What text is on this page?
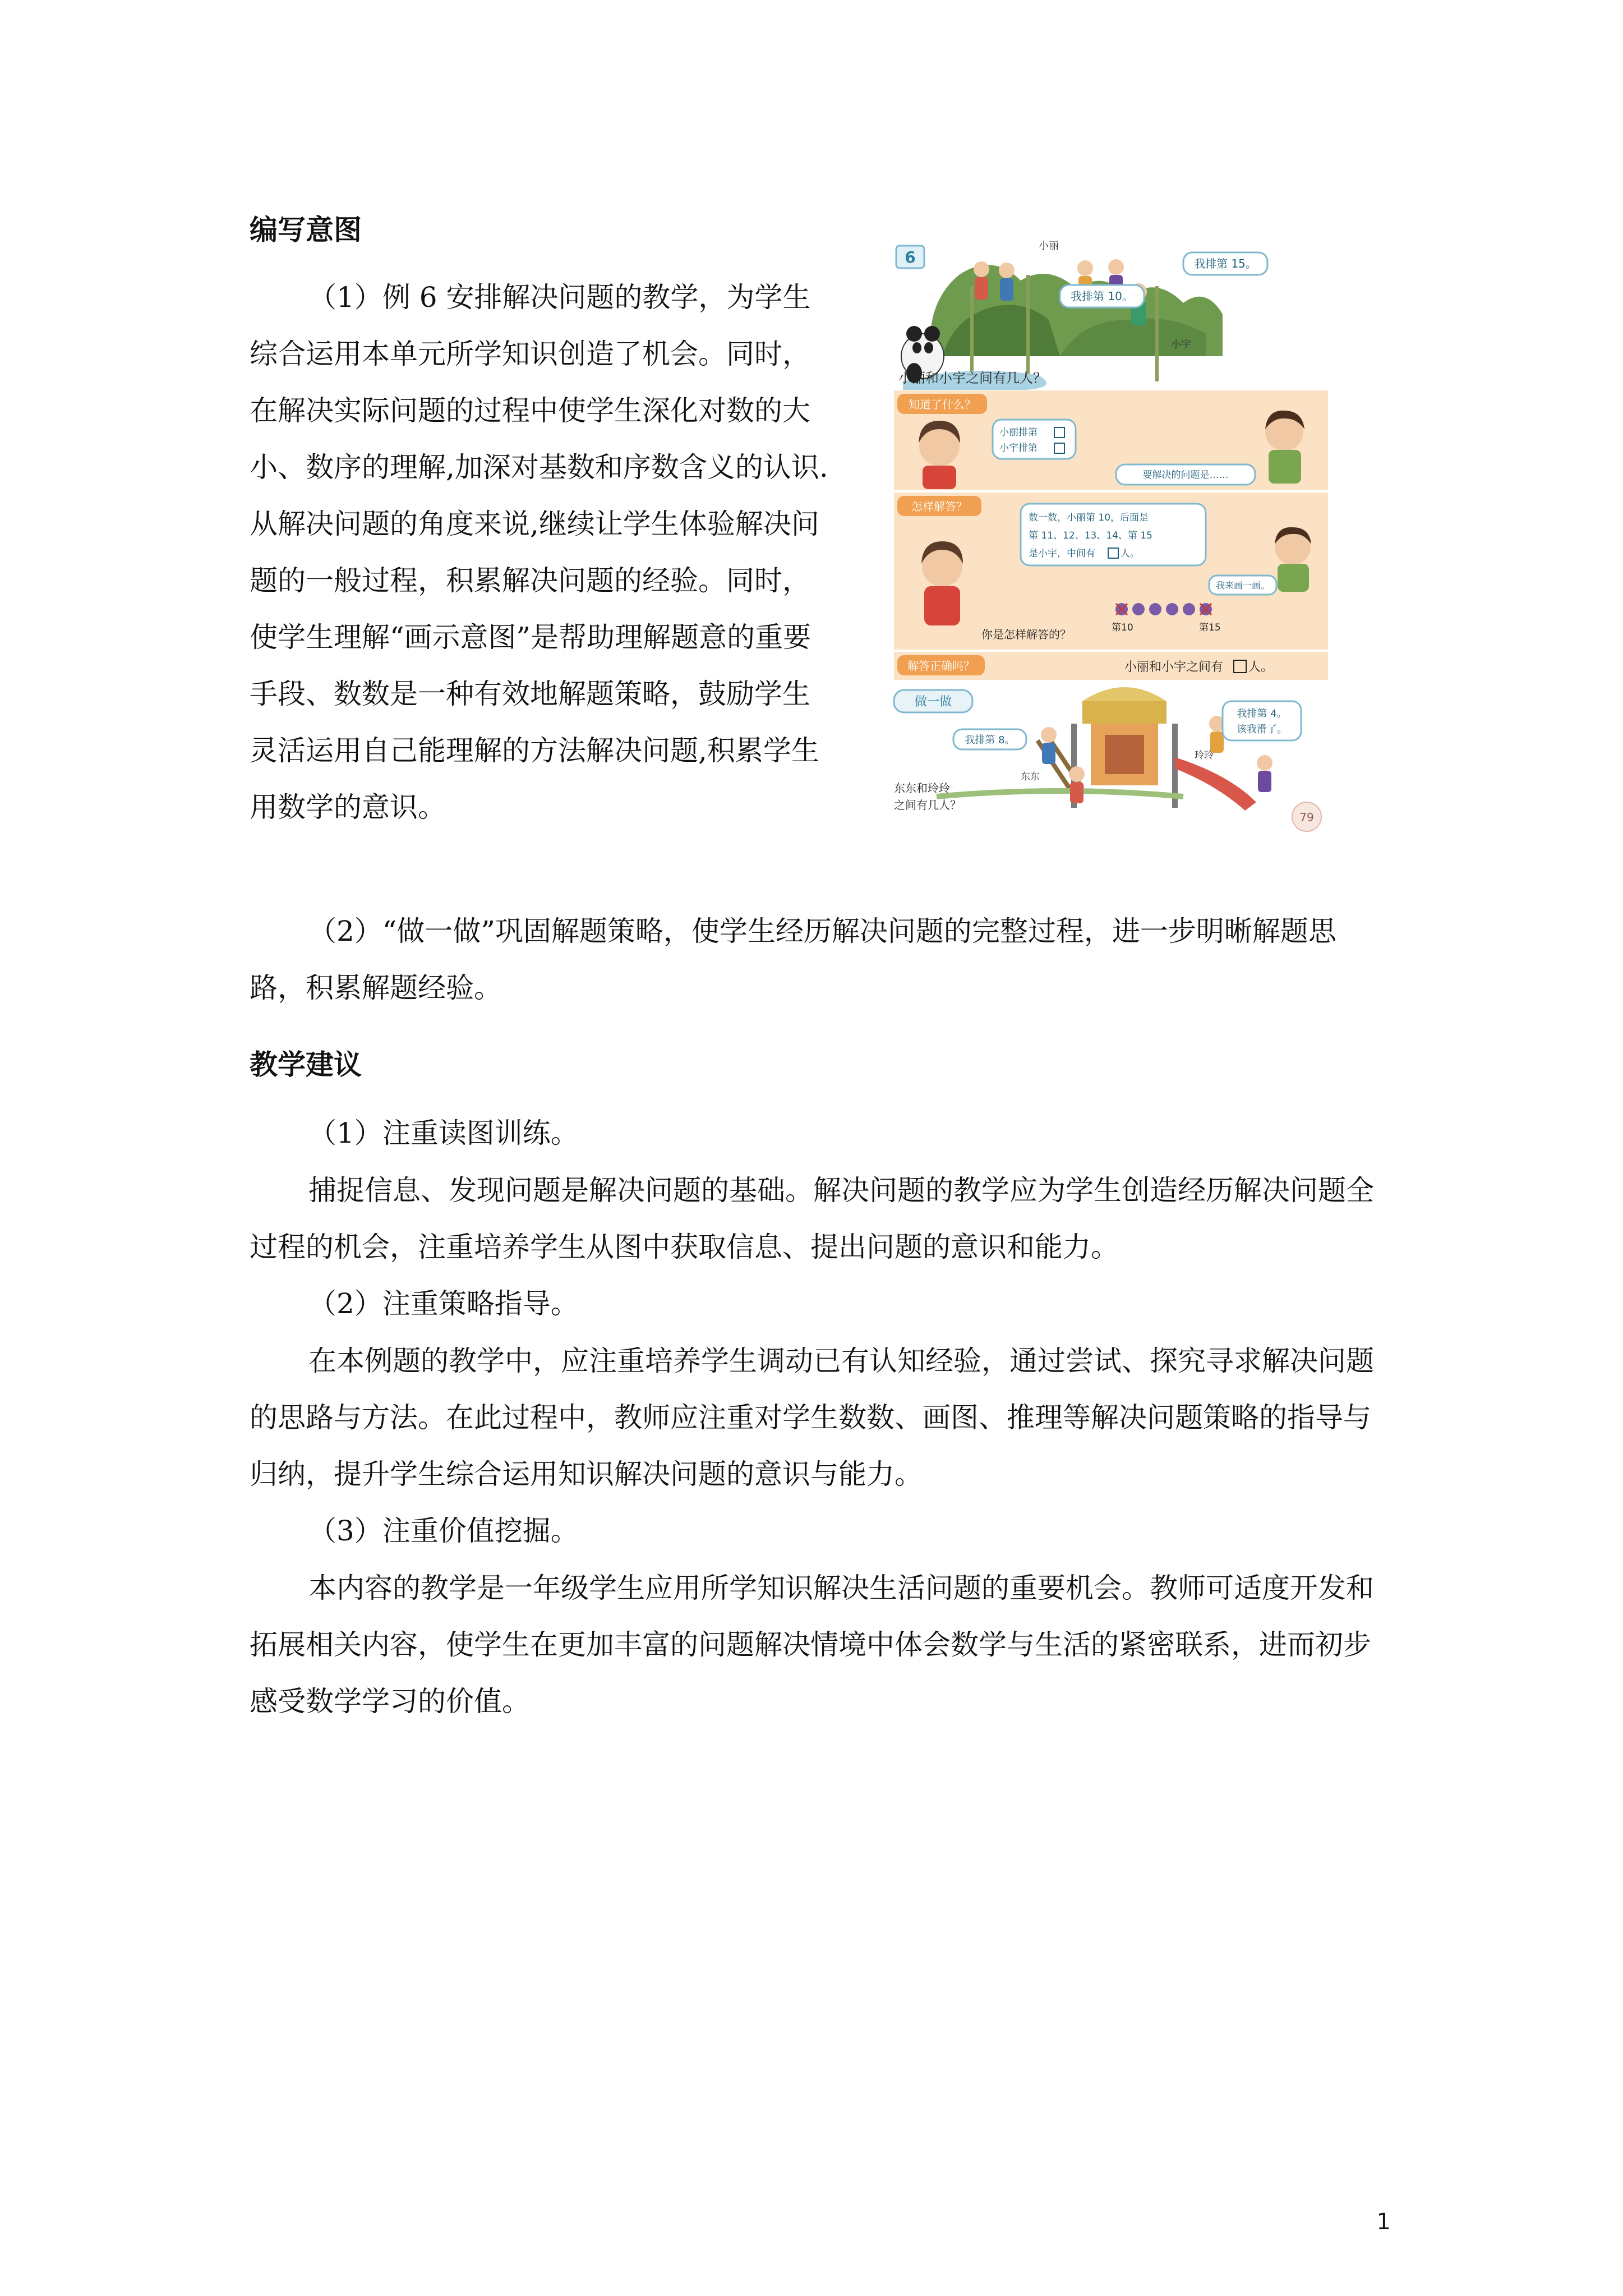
编写意图

（1）例 6 安排解决问题的教学，为学生综合运用本单元所学知识创造了机会。同时，在解决实际问题的过程中使学生深化对数的大小、数序的理解,加深对基数和序数含义的认识.从解决问题的角度来说,继续让学生体验解决问题的一般过程，积累解决问题的经验。同时，使学生理解“画示意图”是帮助理解题意的重要手段、数数是一种有效地解题策略，鼓励学生灵活运用自己能理解的方法解决问题,积累学生用数学的意识。

（2）“做一做”巩固解题策略，使学生经历解决问题的完整过程，进一步明晰解题思路，积累解题经验。

教学建议

（1）注重读图训练。

捕捉信息、发现问题是解决问题的基础。解决问题的教学应为学生创造经历解决问题全过程的机会，注重培养学生从图中获取信息、提出问题的意识和能力。

（2）注重策略指导。

在本例题的教学中，应注重培养学生调动已有认知经验，通过尝试、探究寻求解决问题的思路与方法。在此过程中，教师应注重对学生数数、画图、推理等解决问题策略的指导与归纳，提升学生综合运用知识解决问题的意识与能力。

（3）注重价值挖掘。

本内容的教学是一年级学生应用所学知识解决生活问题的重要机会。教师可适度开发和拓展相关内容，使学生在更加丰富的问题解决情境中体会数学与生活的紧密联系，进而初步感受数学学习的价值。

6
小丽
小宇
我排第 15。
我排第 10。
小丽和小宇之间有几人？
知道了什么？
小丽排第
小宇排第
要解决的问题是……
怎样解答？
数一数，小丽第 10，后面是
第 11、12、13、14、第 15
是小宇，中间有	人。
我来画一画。
第10	第15
你是怎样解答的？
解答正确吗？	小丽和小宇之间有 人。
做一做
我排第 4。
该我滑了。
我排第 8。
玲玲
东东
东东和玲玲
之间有几人？
79
1
